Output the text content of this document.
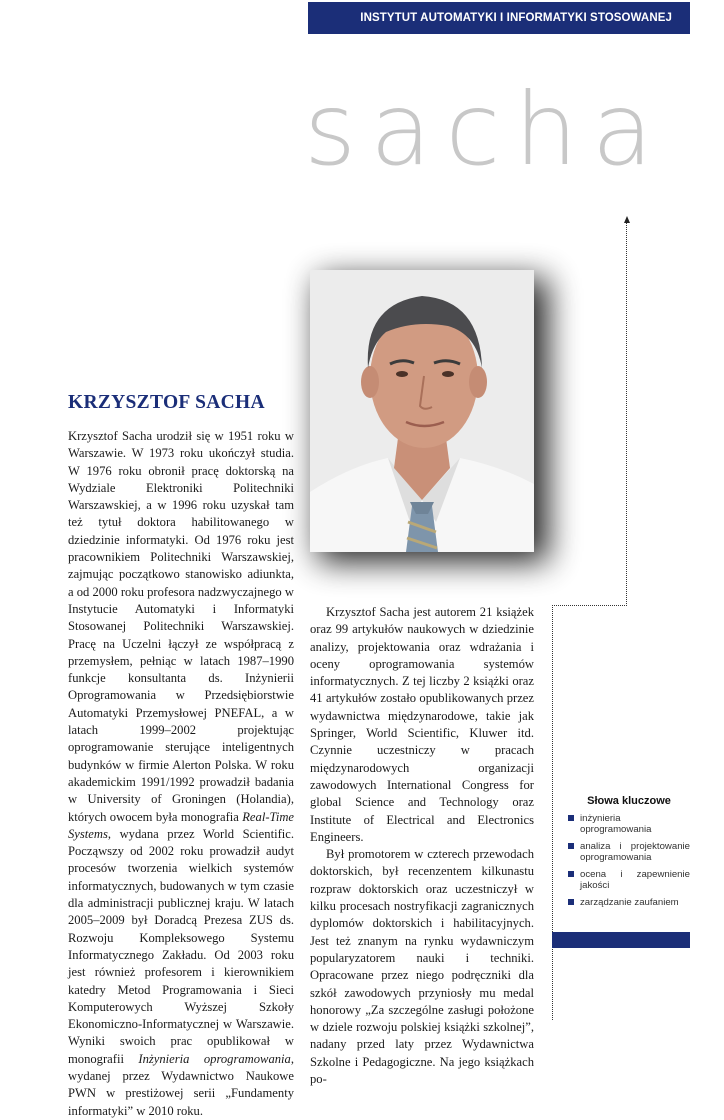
INSTYTUT AUTOMATYKI I INFORMATYKI STOSOWANEJ
sacha
KRZYSZTOF SACHA

Krzysztof Sacha urodził się w 1951 roku w Warszawie. W 1973 roku ukończył studia. W 1976 roku obronił pracę doktorską na Wydziale Elektroniki Politechniki Warszawskiej, a w 1996 roku uzyskał tam też tytuł doktora habilitowanego w dziedzinie informatyki. Od 1976 roku jest pracownikiem Politechniki Warszawskiej, zajmując początkowo stanowisko adiunkta, a od 2000 roku profesora nadzwyczajnego w Instytucie Automatyki i Informatyki Stosowanej Politechniki Warszawskiej. Pracę na Uczelni łączył ze współpracą z przemysłem, pełniąc w latach 1987–1990 funkcje konsultanta ds. Inżynierii Oprogramowania w Przedsiębiorstwie Automatyki Przemysłowej PNEFAL, a w latach 1999–2002 projektując oprogramowanie sterujące inteligentnych budynków w firmie Alerton Polska. W roku akademickim 1991/1992 prowadził badania w University of Groningen (Holandia), których owocem była monografia Real-Time Systems, wydana przez World Scientific. Począwszy od 2002 roku prowadził audyt procesów tworzenia wielkich systemów informatycznych, budowanych w tym czasie dla administracji publicznej kraju. W latach 2005–2009 był Doradcą Prezesa ZUS ds. Rozwoju Kompleksowego Systemu Informatycznego Zakładu. Od 2003 roku jest również profesorem i kierownikiem katedry Metod Programowania i Sieci Komputerowych Wyższej Szkoły Ekonomiczno-Informatycznej w Warszawie. Wyniki swoich prac opublikował w monografii Inżynieria oprogramowania, wydanej przez Wydawnictwo Naukowe PWN w prestiżowej serii „Fundamenty informatyki” w 2010 roku.

Krzysztof Sacha jest autorem 21 książek oraz 99 artykułów naukowych w dziedzinie analizy, projektowania oraz wdrażania i oceny oprogramowania systemów informatycznych. Z tej liczby 2 książki oraz 41 artykułów zostało opublikowanych przez wydawnictwa międzynarodowe, takie jak Springer, World Scientific, Kluwer itd. Czynnie uczestniczy w pracach międzynarodowych organizacji zawodowych International Congress for global Science and Technology oraz Institute of Electrical and Electronics Engineers.

Był promotorem w czterech przewodach doktorskich, był recenzentem kilkunastu rozpraw doktorskich oraz uczestniczył w kilku procesach nostryfikacji zagranicznych dyplomów doktorskich i habilitacyjnych. Jest też znanym na rynku wydawniczym popularyzatorem nauki i techniki. Opracowane przez niego podręczniki dla szkół zawodowych przyniosły mu medal honorowy „Za szczególne zasługi położone w dziele rozwoju polskiej książki szkolnej”, nadany przed laty przez Wydawnictwa Szkolne i Pedagogiczne. Na jego książkach po-

Słowa kluczowe

inżynieria oprogramowania
analiza i projektowanie oprogramowania
ocena i zapewnienie jakości
zarządzanie zaufaniem
